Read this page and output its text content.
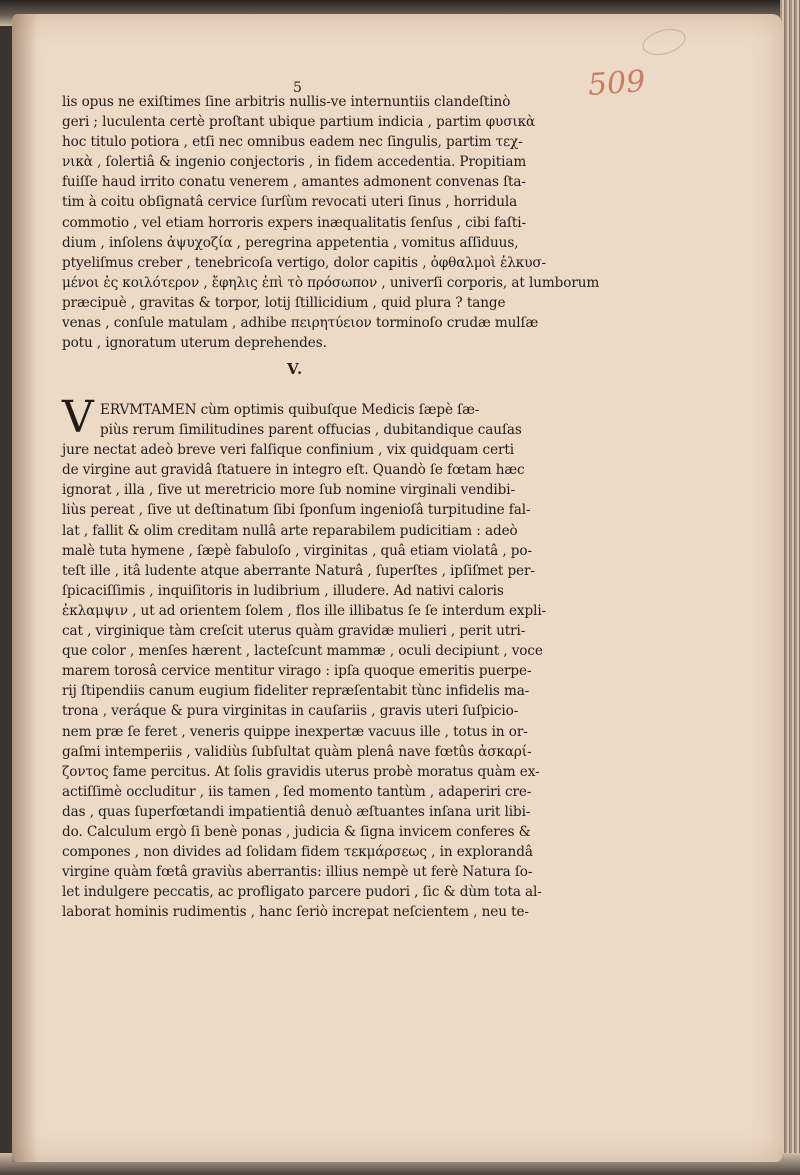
509
5
lis opus ne exiſtimes ſine arbitris nullis-ve internuntiis clandeſtinò
geri ; luculenta certè proſtant ubique partium indicia , partim φυσικὰ
hoc titulo potiora , etſi nec omnibus eadem nec ſingulis, partim τεχ-
νικὰ , ſolertiâ & ingenio conjectoris , in fidem accedentia. Propitiam
fuiſſe haud irrito conatu venerem , amantes admonent convenas ſta-
tim à coitu obſignatâ cervice ſurſùm revocati uteri ſinus , horridula
commotio , vel etiam horroris expers inæqualitatis ſenſus , cibi faſti-
dium , inſolens ἀψυχοζία , peregrina appetentia , vomitus aſſiduus,
ptyeliſmus creber , tenebricoſa vertigo, dolor capitis , ὀφθαλμοὶ ἑλκυσ-
μένοι ἐς κοιλότερον , ἔφηλις ἐπὶ τὸ πρόσωπον , univerſi corporis, at lumborum
præcipuè , gravitas & torpor, lotij ſtillicidium , quid plura ? tange
venas , conſule matulam , adhibe πειρητύειον torminoſo crudæ mulſæ
potu , ignoratum uterum deprehendes.
V.
V ERVMTAMEN cùm optimis quibuſque Medicis ſæpè ſæ-
piùs rerum ſimilitudines parent offucias , dubitandique cauſas
jure nectat adeò breve veri falſique confinium , vix quidquam certi
de virgine aut gravidâ ſtatuere in integro eſt. Quandò ſe fœtam hæc
ignorat , illa , ſive ut meretricio more ſub nomine virginali vendibi-
liùs pereat , ſive ut deſtinatum ſibi ſponſum ingenioſâ turpitudine fal-
lat , fallit & olim creditam nullâ arte reparabilem pudicitiam : adeò
malè tuta hymene , ſæpè fabuloſo , virginitas , quâ etiam violatâ , po-
teſt ille , itâ ludente atque aberrante Naturâ , ſuperſtes , ipſiſmet per-
ſpicaciſſimis , inquiſitoris in ludibrium , illudere. Ad nativi caloris
ἐκλαμψιν , ut ad orientem ſolem , flos ille illibatus ſe ſe interdum expli-
cat , virginique tàm creſcit uterus quàm gravidæ mulieri , perit utri-
que color , menſes hærent , lacteſcunt mammæ , oculi decipiunt , voce
marem torosâ cervice mentitur virago : ipſa quoque emeritis puerpe-
rij ſtipendiis canum eugium fideliter repræſentabit tùnc infidelis ma-
trona , veráque & pura virginitas in cauſariis , gravis uteri ſuſpicio-
nem præ ſe feret , veneris quippe inexpertæ vacuus ille , totus in or-
gaſmi intemperiis , validiùs ſubſultat quàm plenâ nave fœtûs ἀσκαρί-
ζοντος fame percitus. At ſolis gravidis uterus probè moratus quàm ex-
actiſſimè occluditur , iis tamen , ſed momento tantùm , adaperiri cre-
das , quas ſuperfœtandi impatientiâ denuò æſtuantes inſana urit libi-
do. Calculum ergò ſi benè ponas , judicia & ſigna invicem conferes &
compones , non divides ad ſolidam fidem τεκμάρσεως , in explorandâ
virgine quàm fœtâ graviùs aberrantis: illius nempè ut ferè Natura ſo-
let indulgere peccatis, ac profligato parcere pudori , ſic & dùm tota al-
laborat hominis rudimentis , hanc ſeriò increpat neſcientem , neu te-
